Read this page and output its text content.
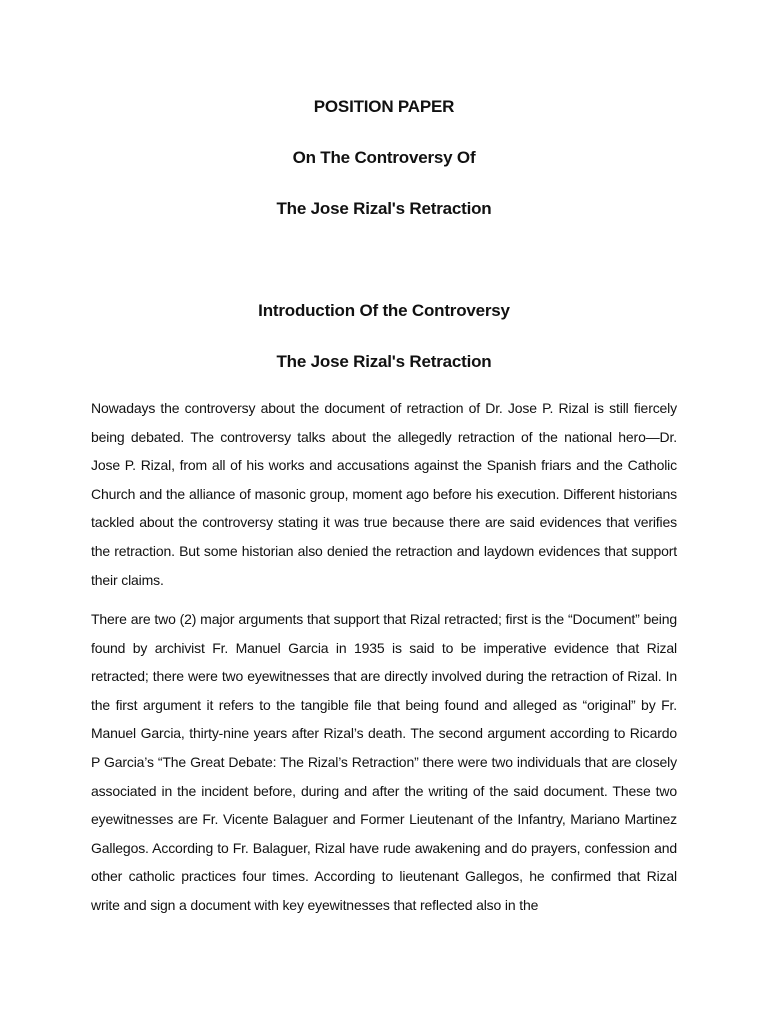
POSITION PAPER
On The Controversy Of
The Jose Rizal's Retraction
Introduction Of the Controversy
The Jose Rizal's Retraction

Nowadays the controversy about the document of retraction of Dr. Jose P. Rizal is still fiercely being debated. The controversy talks about the allegedly retraction of the national hero—Dr. Jose P. Rizal, from all of his works and accusations against the Spanish friars and the Catholic Church and the alliance of masonic group, moment ago before his execution. Different historians tackled about the controversy stating it was true because there are said evidences that verifies the retraction. But some historian also denied the retraction and laydown evidences that support their claims.

There are two (2) major arguments that support that Rizal retracted; first is the “Document” being found by archivist Fr. Manuel Garcia in 1935 is said to be imperative evidence that Rizal retracted; there were two eyewitnesses that are directly involved during the retraction of Rizal. In the first argument it refers to the tangible file that being found and alleged as “original” by Fr. Manuel Garcia, thirty-nine years after Rizal’s death. The second argument according to Ricardo P Garcia’s “The Great Debate: The Rizal’s Retraction” there were two individuals that are closely associated in the incident before, during and after the writing of the said document. These two eyewitnesses are Fr. Vicente Balaguer and Former Lieutenant of the Infantry, Mariano Martinez Gallegos. According to Fr. Balaguer, Rizal have rude awakening and do prayers, confession and other catholic practices four times. According to lieutenant Gallegos, he confirmed that Rizal write and sign a document with key eyewitnesses that reflected also in the
